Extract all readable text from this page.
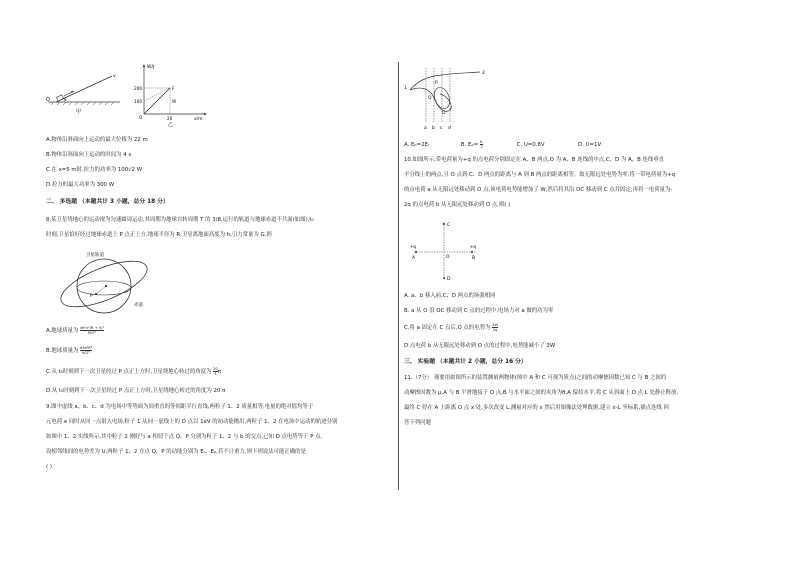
O	θ
v
甲
W/J
x/m
200
100
20
O
F
W
乙
A.物体沿斜面向上运动的最大位移为 22 m
B.物体沿斜面向上运动的时间为 4 s
C.在 x=5 m时,拉力的功率为 100√2 W
D.拉力的最大功率为 300 W
二、 多选题 （本题共计 3 小题，总分 18 分）
8.某卫星绕地心的运动视为匀速圆周运动,其周期为地球自转周期 T 的 3/8,运行的轨道与地球赤道不共面(如图),t₀
时刻,卫星恰好经过地球赤道上 P 点正上方,地球半径为 R,卫星离地面高度为 h,引力常量为 G,则
卫星轨道
赤道
P
A.地球质量为 $\frac{\text{4π²n²(R + h)³}}{\text{9GT²}}$
B.地球质量为 $\frac{\text{64π²R³}}{\text{9GT²}}$
C.从 t₀时刻到下一次卫星经过 P 点正上方时,卫星绕地心转过的角度为 $\frac{20}{3}$ π
D.从 t₀时刻到下一次卫星经过 P 点正上方时,卫星绕地心转过的角度为 20 π
9.图中虚线 a、b、c、d 为电场中等势面为间重直的等间距平行直线,两粒子 1、2 质量相等,电量的绝对值均等于
元电荷 e 同时从同一点射入电场,粒子 1 从同一虚线上的 O 点以 1eV 的初动能抛出,两粒子 1、2 在电场中运动的轨迹分别
如图中 1、2 实线所示,其中粒子 2 刚好与 a 相切于点 Q、P 分别为粒子 1、2 与 b 的交点,已知 O 点电势等于 P 点,
设相邻线间的电势差为 U,两粒子 1、2 在点 Q、P 的动能分别为 Eᵣ、Eₚ,若不计重力,则下列说法可能正确的是
( )
1
2
P
Q
O
a b c d
A. Eₚ=2Eᵣ	B. $E_p= \frac{\text{Eᵣ}}{2}$	C. U=0.8V	D. U=1V
10.如图所示,带电荷量为+q 的点电荷分别固定在 A、B 两点,O 为 A、B 连线的中点,C、D 为 A、B 连线垂直
平分线上的两点,且 O 点到 C、D 两点的距离与 A 到 B 两点的距离相等。取无限远处电势为零,将一带电荷量为+q
的点电荷 a 从无限远处移动到 O 点,该电荷电势能增加了 W,然后将其沿 OC 移动到 C 点并固定;再将一电荷量为-
2q 的点电荷 b 从无限远处移动到 O 点,则( )
+q	+q
A	B
C
D
O
A. a、b 移入前,C、D 两点的场强相同
B. a 从 O 沿 OC 移动到 C 点的过程中,电场力对 a 做的功为零
C.将 a 固定在 C 点后,O 点的电势为 $\frac{3W}{2q}$
D.点电荷 b 从无限远处移动到 O 点的过程中,电势能减小了 3W
三、 实验题 （本题共计 2 小题，总分 16 分）
11.（7分） 现要用如图所示的装置测量两物体(图中 A 和 C 可视为质点)之间的动摩擦因数已知 C 与 B 之间的
动摩擦因数为 μ,A 与 B 平滑地接于 O 点,B 与水平面之间的夹角为θ,A 保持水平,将 C 从斜面上 O 点 L 处静止释放,
最终 C 停在 A 上距离 O 点 x 处,多次改变 L,测量对应的 x 然后用图像法处理数据,建立 x-L 坐标系,描点连线 回
答下列问题
